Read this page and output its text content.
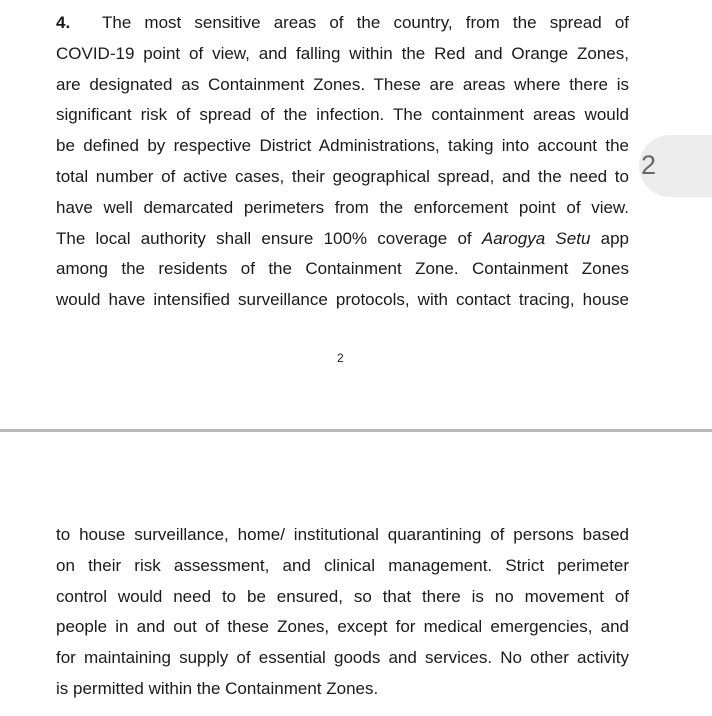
4. The most sensitive areas of the country, from the spread of
COVID-19 point of view, and falling within the Red and Orange Zones,
are designated as Containment Zones. These are areas where there is
significant risk of spread of the infection. The containment areas would
be defined by respective District Administrations, taking into account the
total number of active cases, their geographical spread, and the need to
have well demarcated perimeters from the enforcement point of view.
The local authority shall ensure 100% coverage of Aarogya Setu app
among the residents of the Containment Zone. Containment Zones
would have intensified surveillance protocols, with contact tracing, house
2
2
to house surveillance, home/ institutional quarantining of persons based
on their risk assessment, and clinical management. Strict perimeter
control would need to be ensured, so that there is no movement of
people in and out of these Zones, except for medical emergencies, and
for maintaining supply of essential goods and services. No other activity
is permitted within the Containment Zones.
